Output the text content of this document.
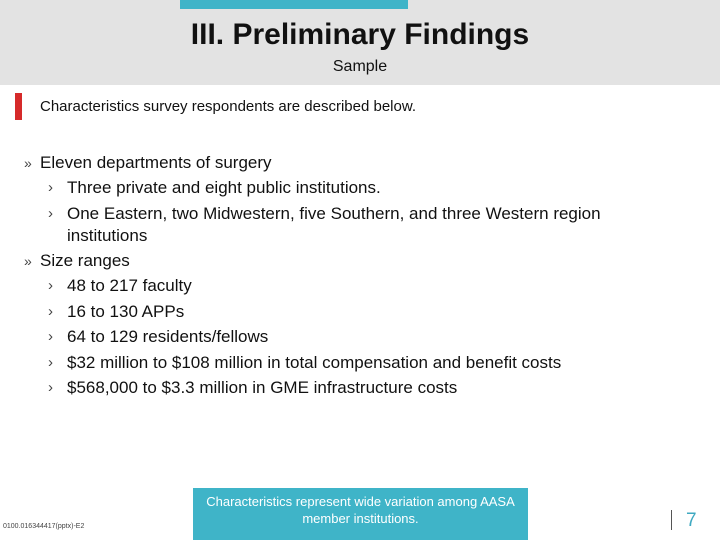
III. Preliminary Findings
Sample
Characteristics survey respondents are described below.
» Eleven departments of surgery
› Three private and eight public institutions.
› One Eastern, two Midwestern, five Southern, and three Western region institutions
» Size ranges
› 48 to 217 faculty
› 16 to 130 APPs
› 64 to 129 residents/fellows
› $32 million to $108 million in total compensation and benefit costs
› $568,000 to $3.3 million in GME infrastructure costs
0100.016344417(pptx)-E2
Characteristics represent wide variation among AASA member institutions.	7
